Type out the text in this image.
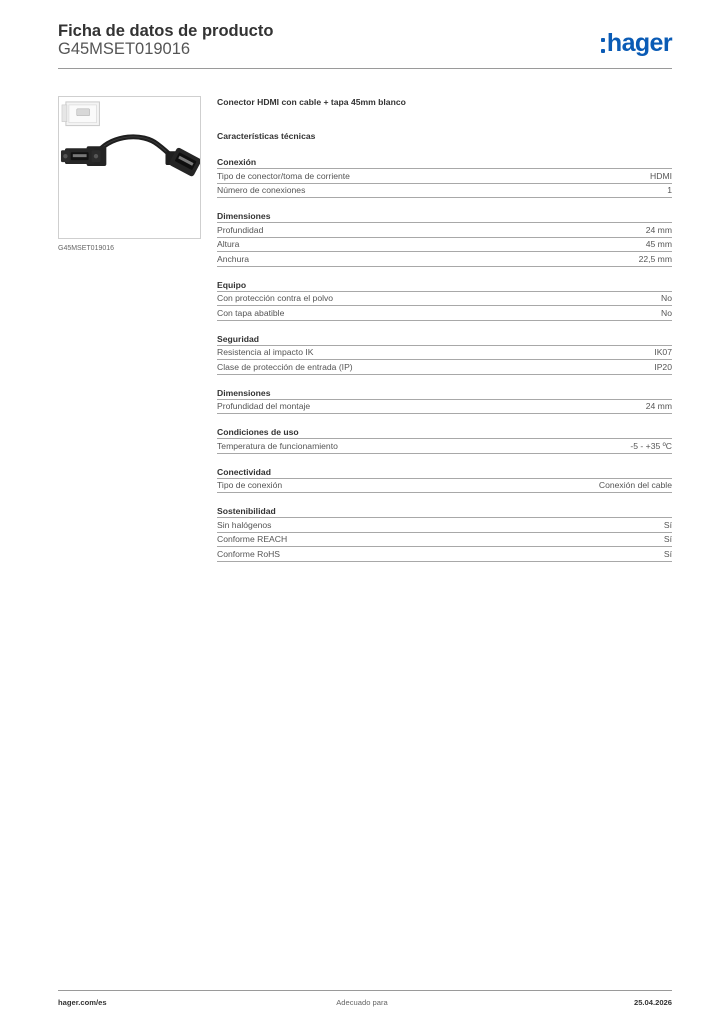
Ficha de datos de producto
G45MSET019016	hager
G45MSET019016
Conector HDMI con cable + tapa 45mm blanco
Características técnicas
Conexión
Tipo de conector/toma de corriente	HDMI
Número de conexiones	1
Dimensiones
Profundidad	24 mm
Altura	45 mm
Anchura	22,5 mm
Equipo
Con protección contra el polvo	No
Con tapa abatible	No
Seguridad
Resistencia al impacto IK	IK07
Clase de protección de entrada (IP)	IP20
Dimensiones
Profundidad del montaje	24 mm
Condiciones de uso
Temperatura de funcionamiento	-5 - +35 ºC
Conectividad
Tipo de conexión	Conexión del cable
Sostenibilidad
Sin halógenos	Sí
Conforme REACH	Sí
Conforme RoHS	Sí
hager.com/es	Adecuado para	25.04.2026
